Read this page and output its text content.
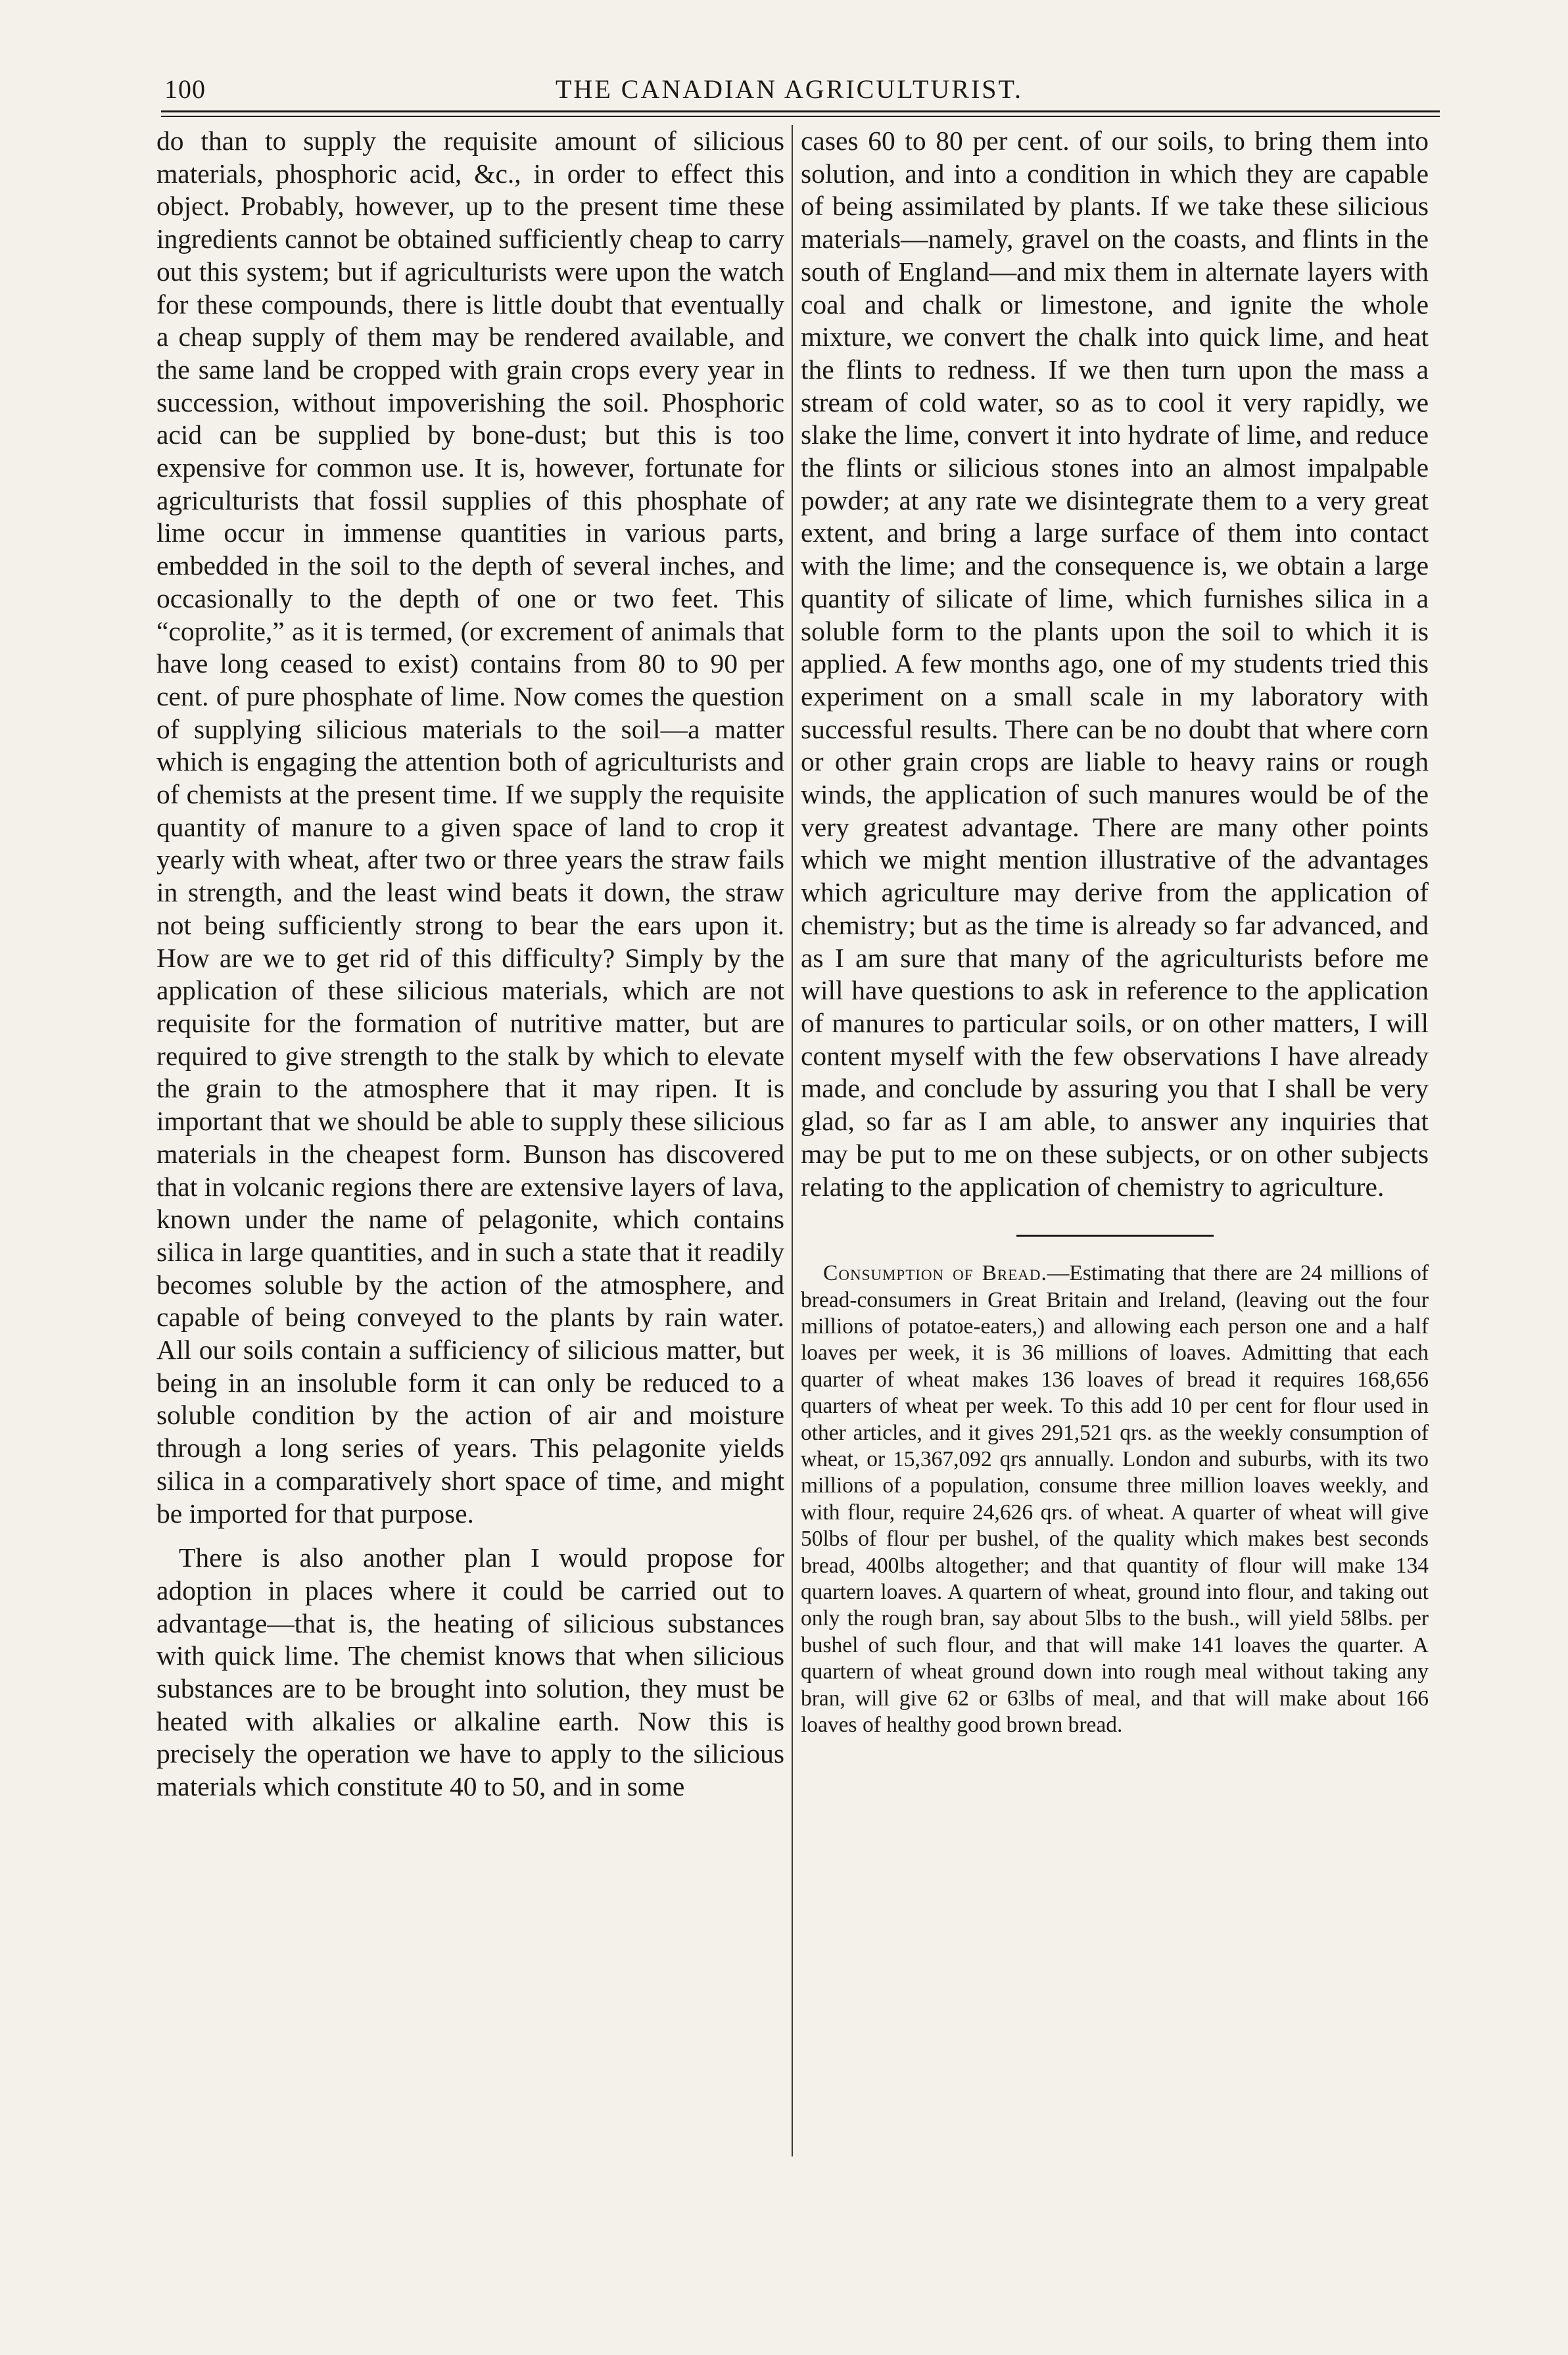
100	THE CANADIAN AGRICULTURIST.

do than to supply the requisite amount of silicious materials, phosphoric acid, &c., in order to effect this object. Probably, however, up to the present time these ingredients cannot be obtained sufficiently cheap to carry out this system; but if agriculturists were upon the watch for these compounds, there is little doubt that eventually a cheap supply of them may be rendered available, and the same land be cropped with grain crops every year in succession, without impoverishing the soil. Phosphoric acid can be supplied by bone-dust; but this is too expensive for common use. It is, however, fortunate for agriculturists that fossil supplies of this phosphate of lime occur in immense quantities in various parts, embedded in the soil to the depth of several inches, and occasionally to the depth of one or two feet. This “coprolite,” as it is termed, (or excrement of animals that have long ceased to exist) contains from 80 to 90 per cent. of pure phosphate of lime. Now comes the question of supplying silicious materials to the soil—a matter which is engaging the attention both of agriculturists and of chemists at the present time. If we supply the requisite quantity of manure to a given space of land to crop it yearly with wheat, after two or three years the straw fails in strength, and the least wind beats it down, the straw not being sufficiently strong to bear the ears upon it. How are we to get rid of this difficulty? Simply by the application of these silicious materials, which are not requisite for the formation of nutritive matter, but are required to give strength to the stalk by which to elevate the grain to the atmosphere that it may ripen. It is important that we should be able to supply these silicious materials in the cheapest form. Bunson has discovered that in volcanic regions there are extensive layers of lava, known under the name of pelagonite, which contains silica in large quantities, and in such a state that it readily becomes soluble by the action of the atmosphere, and capable of being conveyed to the plants by rain water. All our soils contain a sufficiency of silicious matter, but being in an insoluble form it can only be reduced to a soluble condition by the action of air and moisture through a long series of years. This pelagonite yields silica in a comparatively short space of time, and might be imported for that purpose.

There is also another plan I would propose for adoption in places where it could be carried out to advantage—that is, the heating of silicious substances with quick lime. The chemist knows that when silicious substances are to be brought into solution, they must be heated with alkalies or alkaline earth. Now this is precisely the operation we have to apply to the silicious materials which constitute 40 to 50, and in some

cases 60 to 80 per cent. of our soils, to bring them into solution, and into a condition in which they are capable of being assimilated by plants. If we take these silicious materials—namely, gravel on the coasts, and flints in the south of England—and mix them in alternate layers with coal and chalk or limestone, and ignite the whole mixture, we convert the chalk into quick lime, and heat the flints to redness. If we then turn upon the mass a stream of cold water, so as to cool it very rapidly, we slake the lime, convert it into hydrate of lime, and reduce the flints or silicious stones into an almost impalpable powder; at any rate we disintegrate them to a very great extent, and bring a large surface of them into contact with the lime; and the consequence is, we obtain a large quantity of silicate of lime, which furnishes silica in a soluble form to the plants upon the soil to which it is applied. A few months ago, one of my students tried this experiment on a small scale in my laboratory with successful results. There can be no doubt that where corn or other grain crops are liable to heavy rains or rough winds, the application of such manures would be of the very greatest advantage. There are many other points which we might mention illustrative of the advantages which agriculture may derive from the application of chemistry; but as the time is already so far advanced, and as I am sure that many of the agriculturists before me will have questions to ask in reference to the application of manures to particular soils, or on other matters, I will content myself with the few observations I have already made, and conclude by assuring you that I shall be very glad, so far as I am able, to answer any inquiries that may be put to me on these subjects, or on other subjects relating to the application of chemistry to agriculture.

Consumption of Bread.—Estimating that there are 24 millions of bread-consumers in Great Britain and Ireland, (leaving out the four millions of potatoe-eaters,) and allowing each person one and a half loaves per week, it is 36 millions of loaves. Admitting that each quarter of wheat makes 136 loaves of bread it requires 168,656 quarters of wheat per week. To this add 10 per cent for flour used in other articles, and it gives 291,521 qrs. as the weekly consumption of wheat, or 15,367,092 qrs annually. London and suburbs, with its two millions of a population, consume three million loaves weekly, and with flour, require 24,626 qrs. of wheat. A quarter of wheat will give 50lbs of flour per bushel, of the quality which makes best seconds bread, 400lbs altogether; and that quantity of flour will make 134 quartern loaves. A quartern of wheat, ground into flour, and taking out only the rough bran, say about 5lbs to the bush., will yield 58lbs. per bushel of such flour, and that will make 141 loaves the quarter. A quartern of wheat ground down into rough meal without taking any bran, will give 62 or 63lbs of meal, and that will make about 166 loaves of healthy good brown bread.
